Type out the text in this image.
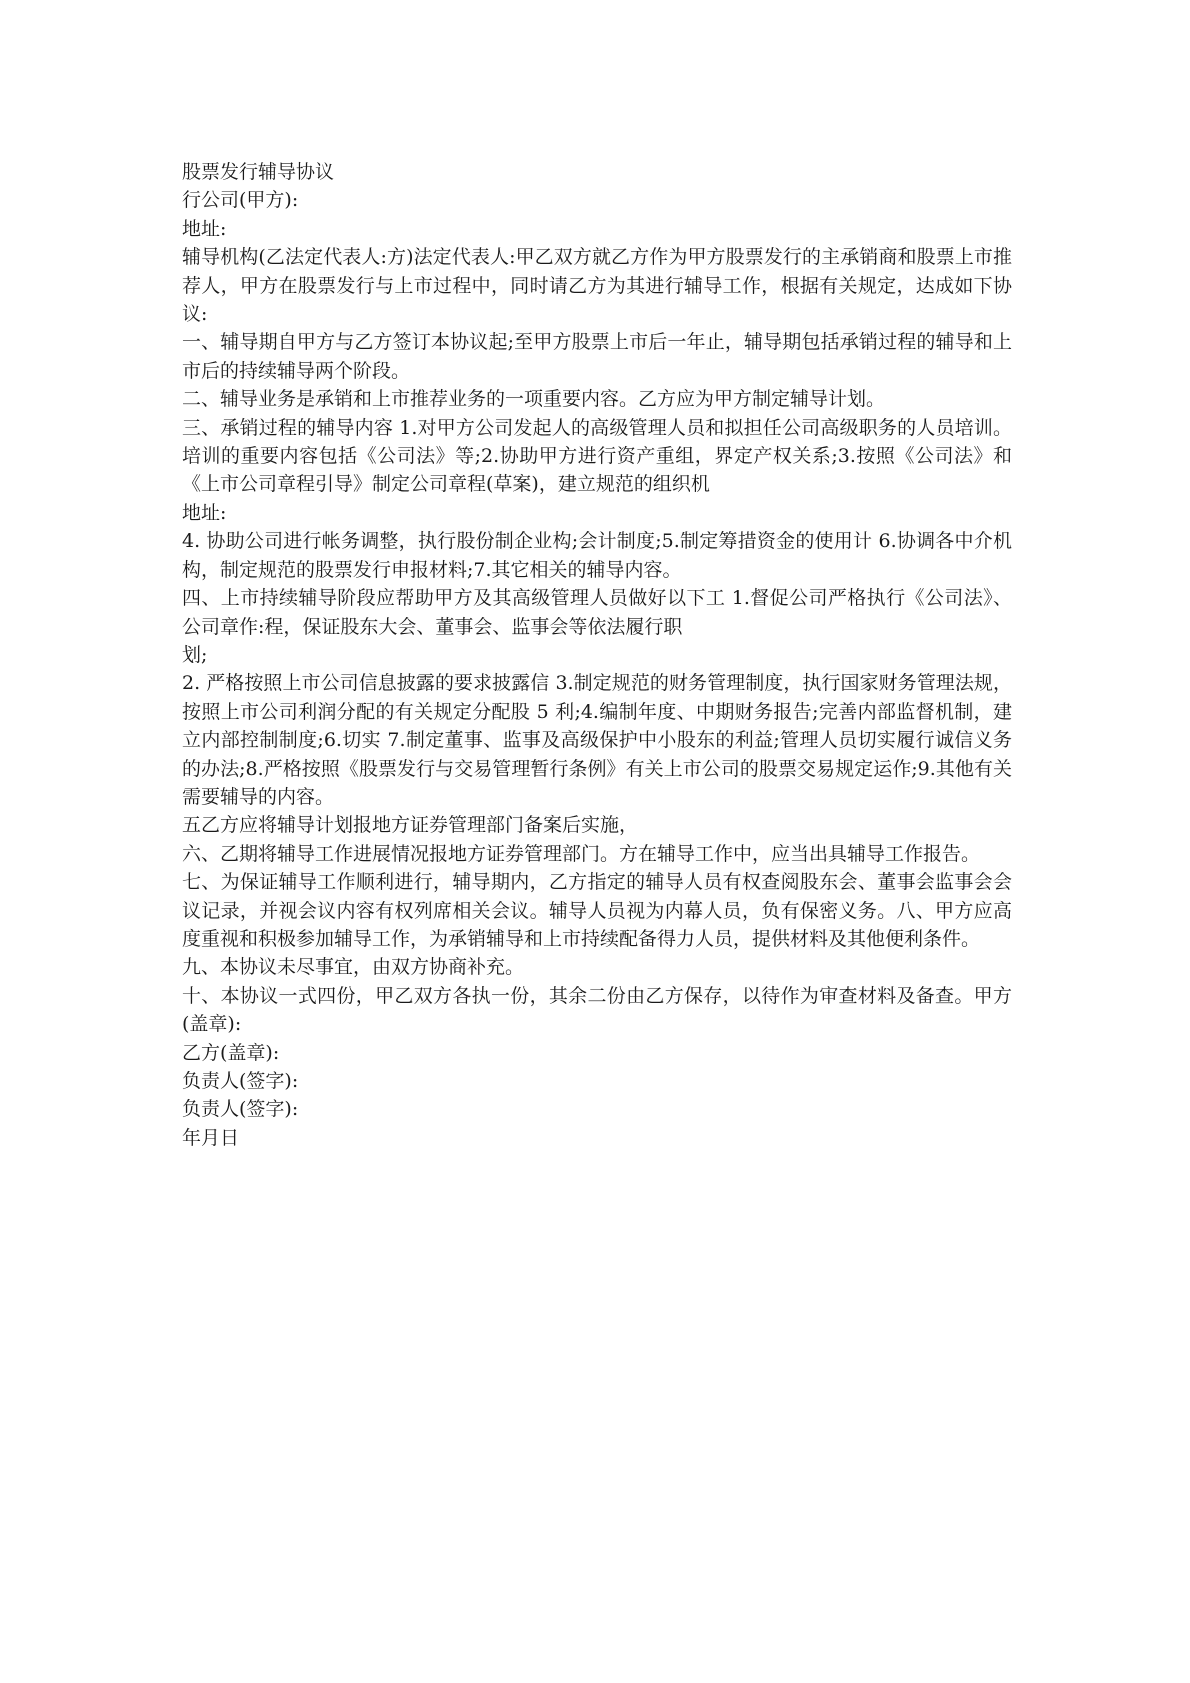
股票发行辅导协议

行公司(甲方):

地址:

辅导机构(乙法定代表人:方)法定代表人:甲乙双方就乙方作为甲方股票发行的主承销商和股票上市推荐人，甲方在股票发行与上市过程中，同时请乙方为其进行辅导工作，根据有关规定，达成如下协议:

一、辅导期自甲方与乙方签订本协议起;至甲方股票上市后一年止，辅导期包括承销过程的辅导和上市后的持续辅导两个阶段。

二、辅导业务是承销和上市推荐业务的一项重要内容。乙方应为甲方制定辅导计划。

三、承销过程的辅导内容 1.对甲方公司发起人的高级管理人员和拟担任公司高级职务的人员培训。培训的重要内容包括《公司法》等;2.协助甲方进行资产重组，界定产权关系;3.按照《公司法》和《上市公司章程引导》制定公司章程(草案)，建立规范的组织机

地址:

4. 协助公司进行帐务调整，执行股份制企业构;会计制度;5.制定筹措资金的使用计 6.协调各中介机构，制定规范的股票发行申报材料;7.其它相关的辅导内容。

四、上市持续辅导阶段应帮助甲方及其高级管理人员做好以下工 1.督促公司严格执行《公司法》、公司章作:程，保证股东大会、董事会、监事会等依法履行职

划;

2. 严格按照上市公司信息披露的要求披露信 3.制定规范的财务管理制度，执行国家财务管理法规，按照上市公司利润分配的有关规定分配股 5 利;4.编制年度、中期财务报告;完善内部监督机制，建立内部控制制度;6.切实 7.制定董事、监事及高级保护中小股东的利益;管理人员切实履行诚信义务的办法;8.严格按照《股票发行与交易管理暂行条例》有关上市公司的股票交易规定运作;9.其他有关需要辅导的内容。

五乙方应将辅导计划报地方证券管理部门备案后实施，

六、乙期将辅导工作进展情况报地方证券管理部门。方在辅导工作中，应当出具辅导工作报告。

七、为保证辅导工作顺利进行，辅导期内，乙方指定的辅导人员有权查阅股东会、董事会监事会会议记录，并视会议内容有权列席相关会议。辅导人员视为内幕人员，负有保密义务。八、甲方应高度重视和积极参加辅导工作，为承销辅导和上市持续配备得力人员，提供材料及其他便利条件。

九、本协议未尽事宜，由双方协商补充。

十、本协议一式四份，甲乙双方各执一份，其余二份由乙方保存，以待作为审查材料及备查。甲方(盖章):

乙方(盖章):

负责人(签字):

负责人(签字):

年月日
